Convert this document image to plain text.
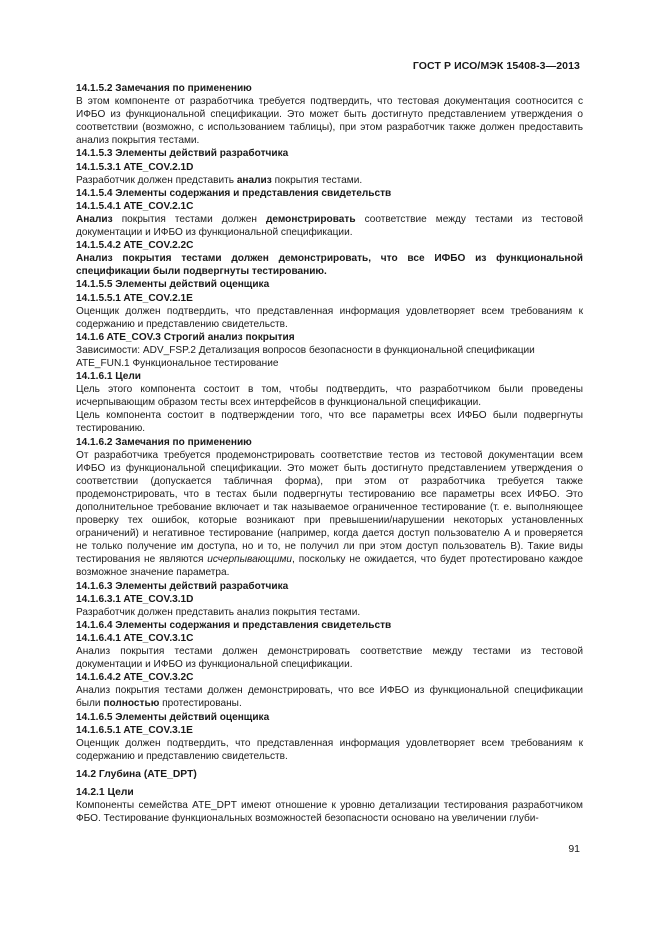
ГОСТ Р ИСО/МЭК 15408-3—2013
14.1.5.2 Замечания по применению
В этом компоненте от разработчика требуется подтвердить, что тестовая документация соотносится с ИФБО из функциональной спецификации. Это может быть достигнуто представлением утверждения о соответствии (возможно, с использованием таблицы), при этом разработчик также должен предоставить анализ покрытия тестами.
14.1.5.3 Элементы действий разработчика
14.1.5.3.1 ATE_COV.2.1D
Разработчик должен представить анализ покрытия тестами.
14.1.5.4 Элементы содержания и представления свидетельств
14.1.5.4.1 ATE_COV.2.1C
Анализ покрытия тестами должен демонстрировать соответствие между тестами из тестовой документации и ИФБО из функциональной спецификации.
14.1.5.4.2 ATE_COV.2.2C
Анализ покрытия тестами должен демонстрировать, что все ИФБО из функциональной спецификации были подвергнуты тестированию.
14.1.5.5 Элементы действий оценщика
14.1.5.5.1 ATE_COV.2.1E
Оценщик должен подтвердить, что представленная информация удовлетворяет всем требованиям к содержанию и представлению свидетельств.
14.1.6 ATE_COV.3 Строгий анализ покрытия
Зависимости: ADV_FSP.2 Детализация вопросов безопасности в функциональной спецификации
ATE_FUN.1 Функциональное тестирование
14.1.6.1 Цели
Цель этого компонента состоит в том, чтобы подтвердить, что разработчиком были проведены исчерпывающим образом тесты всех интерфейсов в функциональной спецификации.
Цель компонента состоит в подтверждении того, что все параметры всех ИФБО были подвергнуты тестированию.
14.1.6.2 Замечания по применению
От разработчика требуется продемонстрировать соответствие тестов из тестовой документации всем ИФБО из функциональной спецификации. Это может быть достигнуто представлением утверждения о соответствии (допускается табличная форма), при этом от разработчика требуется также продемонстрировать, что в тестах были подвергнуты тестированию все параметры всех ИФБО. Это дополнительное требование включает и так называемое ограниченное тестирование (т. е. выполняющее проверку тех ошибок, которые возникают при превышении/нарушении некоторых установленных ограничений) и негативное тестирование (например, когда дается доступ пользователю А и проверяется не только получение им доступа, но и то, не получил ли при этом доступ пользователь В). Такие виды тестирования не являются исчерпывающими, поскольку не ожидается, что будет протестировано каждое возможное значение параметра.
14.1.6.3 Элементы действий разработчика
14.1.6.3.1 ATE_COV.3.1D
Разработчик должен представить анализ покрытия тестами.
14.1.6.4 Элементы содержания и представления свидетельств
14.1.6.4.1 ATE_COV.3.1C
Анализ покрытия тестами должен демонстрировать соответствие между тестами из тестовой документации и ИФБО из функциональной спецификации.
14.1.6.4.2 ATE_COV.3.2C
Анализ покрытия тестами должен демонстрировать, что все ИФБО из функциональной спецификации были полностью протестированы.
14.1.6.5 Элементы действий оценщика
14.1.6.5.1 ATE_COV.3.1E
Оценщик должен подтвердить, что представленная информация удовлетворяет всем требованиям к содержанию и представлению свидетельств.
14.2 Глубина (ATE_DPT)
14.2.1 Цели
Компоненты семейства ATE_DPT имеют отношение к уровню детализации тестирования разработчиком ФБО. Тестирование функциональных возможностей безопасности основано на увеличении глуби-
91
